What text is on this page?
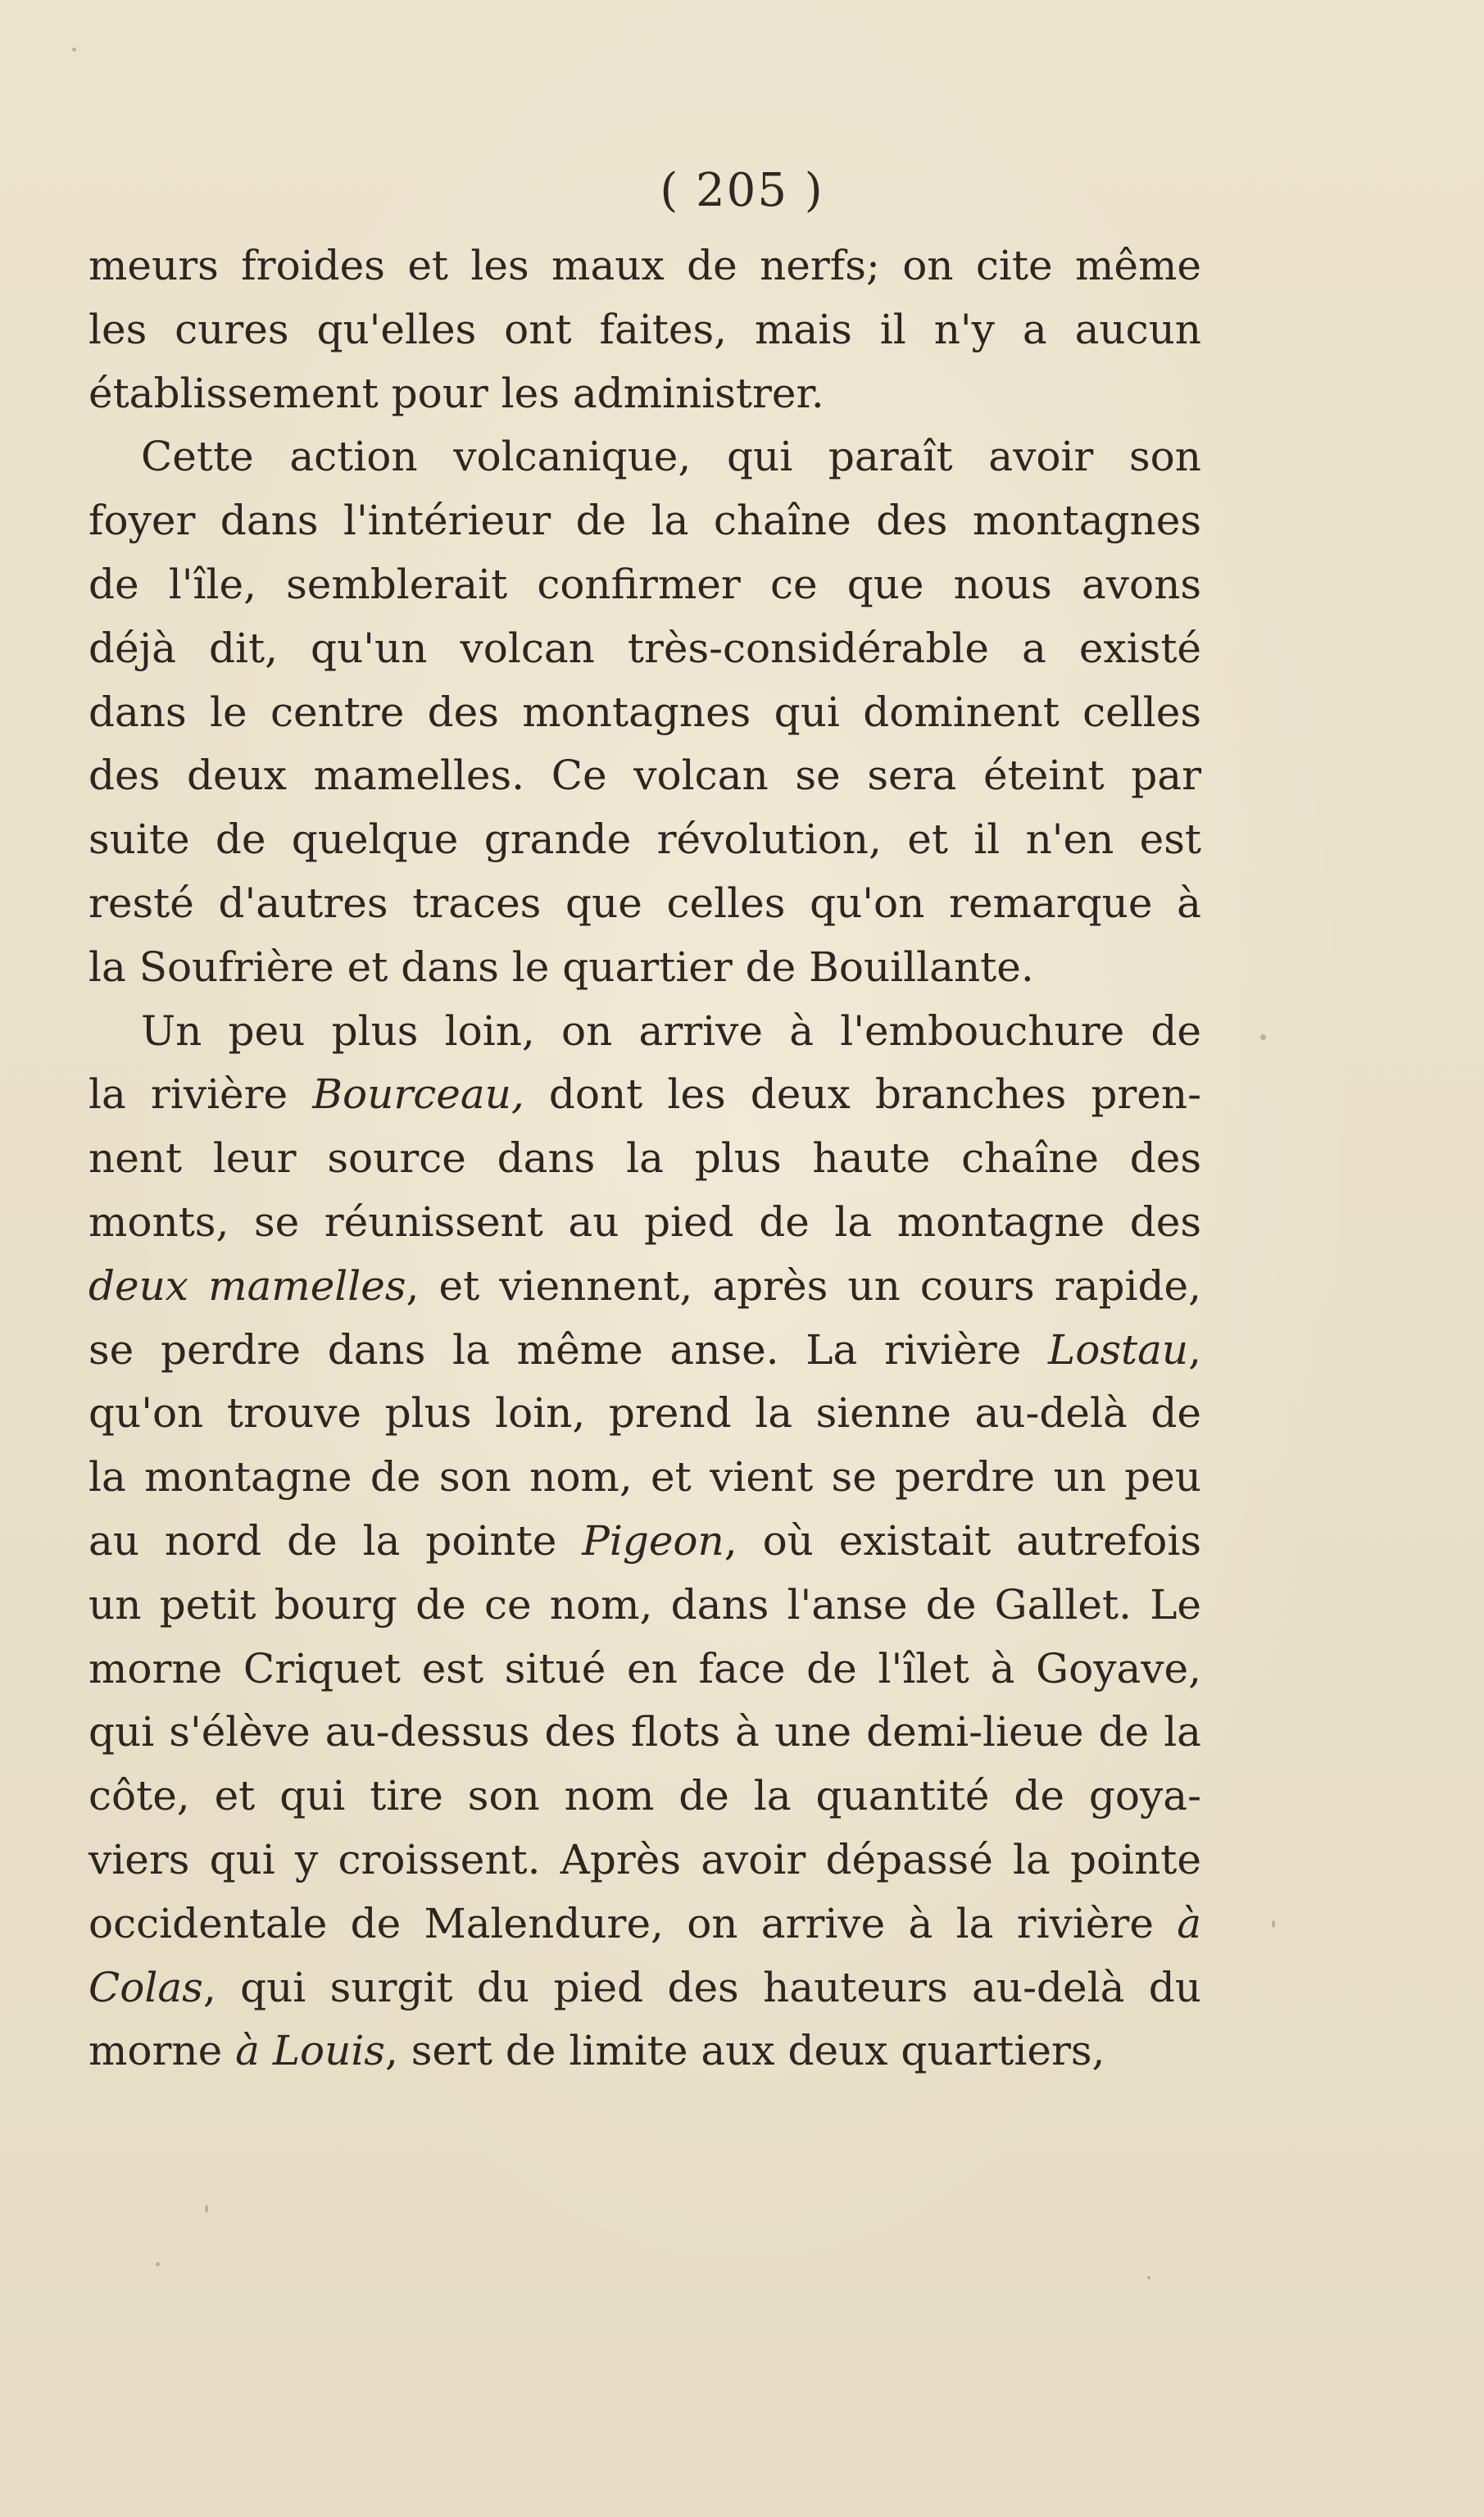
( 205 )
meurs froides et les maux de nerfs; on cite même
les cures qu'elles ont faites, mais il n'y a aucun
établissement pour les administrer.
Cette action volcanique, qui paraît avoir son
foyer dans l'intérieur de la chaîne des montagnes
de l'île, semblerait confirmer ce que nous avons
déjà dit, qu'un volcan très-considérable a existé
dans le centre des montagnes qui dominent celles
des deux mamelles. Ce volcan se sera éteint par
suite de quelque grande révolution, et il n'en est
resté d'autres traces que celles qu'on remarque à
la Soufrière et dans le quartier de Bouillante.
Un peu plus loin, on arrive à l'embouchure de
la rivière Bourceau, dont les deux branches pren-
nent leur source dans la plus haute chaîne des
monts, se réunissent au pied de la montagne des
deux mamelles, et viennent, après un cours rapide,
se perdre dans la même anse. La rivière Lostau,
qu'on trouve plus loin, prend la sienne au-delà de
la montagne de son nom, et vient se perdre un peu
au nord de la pointe Pigeon, où existait autrefois
un petit bourg de ce nom, dans l'anse de Gallet. Le
morne Criquet est situé en face de l'îlet à Goyave,
qui s'élève au-dessus des flots à une demi-lieue de la
côte, et qui tire son nom de la quantité de goya-
viers qui y croissent. Après avoir dépassé la pointe
occidentale de Malendure, on arrive à la rivière à
Colas, qui surgit du pied des hauteurs au-delà du
morne à Louis, sert de limite aux deux quartiers,
